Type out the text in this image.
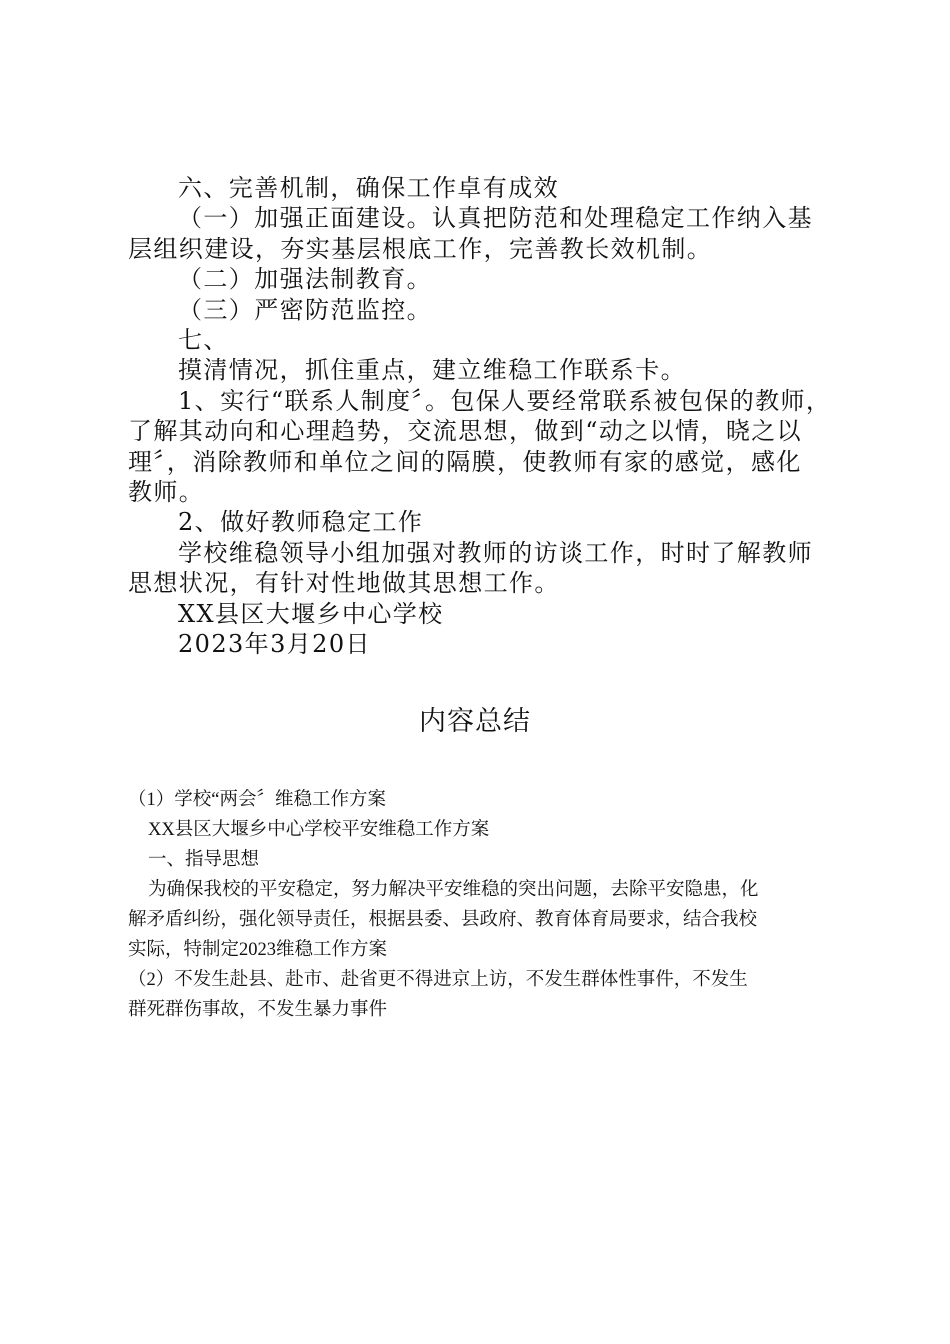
六、完善机制，确保工作卓有成效

（一）加强正面建设。认真把防范和处理稳定工作纳入基

层组织建设，夯实基层根底工作，完善教长效机制。

（二）加强法制教育。

（三）严密防范监控。

七、

摸清情况，抓住重点，建立维稳工作联系卡。

1、实行“联系人制度〞。包保人要经常联系被包保的教师，

了解其动向和心理趋势，交流思想，做到“动之以情，晓之以

理〞，消除教师和单位之间的隔膜，使教师有家的感觉，感化

教师。

2、做好教师稳定工作

学校维稳领导小组加强对教师的访谈工作，时时了解教师

思想状况，有针对性地做其思想工作。

XX县区大堰乡中心学校

2023年3月20日

内容总结

（1）学校“两会〞维稳工作方案

XX县区大堰乡中心学校平安维稳工作方案

一、指导思想

为确保我校的平安稳定，努力解决平安维稳的突出问题，去除平安隐患，化

解矛盾纠纷，强化领导责任，根据县委、县政府、教育体育局要求，结合我校

实际，特制定2023维稳工作方案

（2）不发生赴县、赴市、赴省更不得进京上访，不发生群体性事件，不发生

群死群伤事故，不发生暴力事件
